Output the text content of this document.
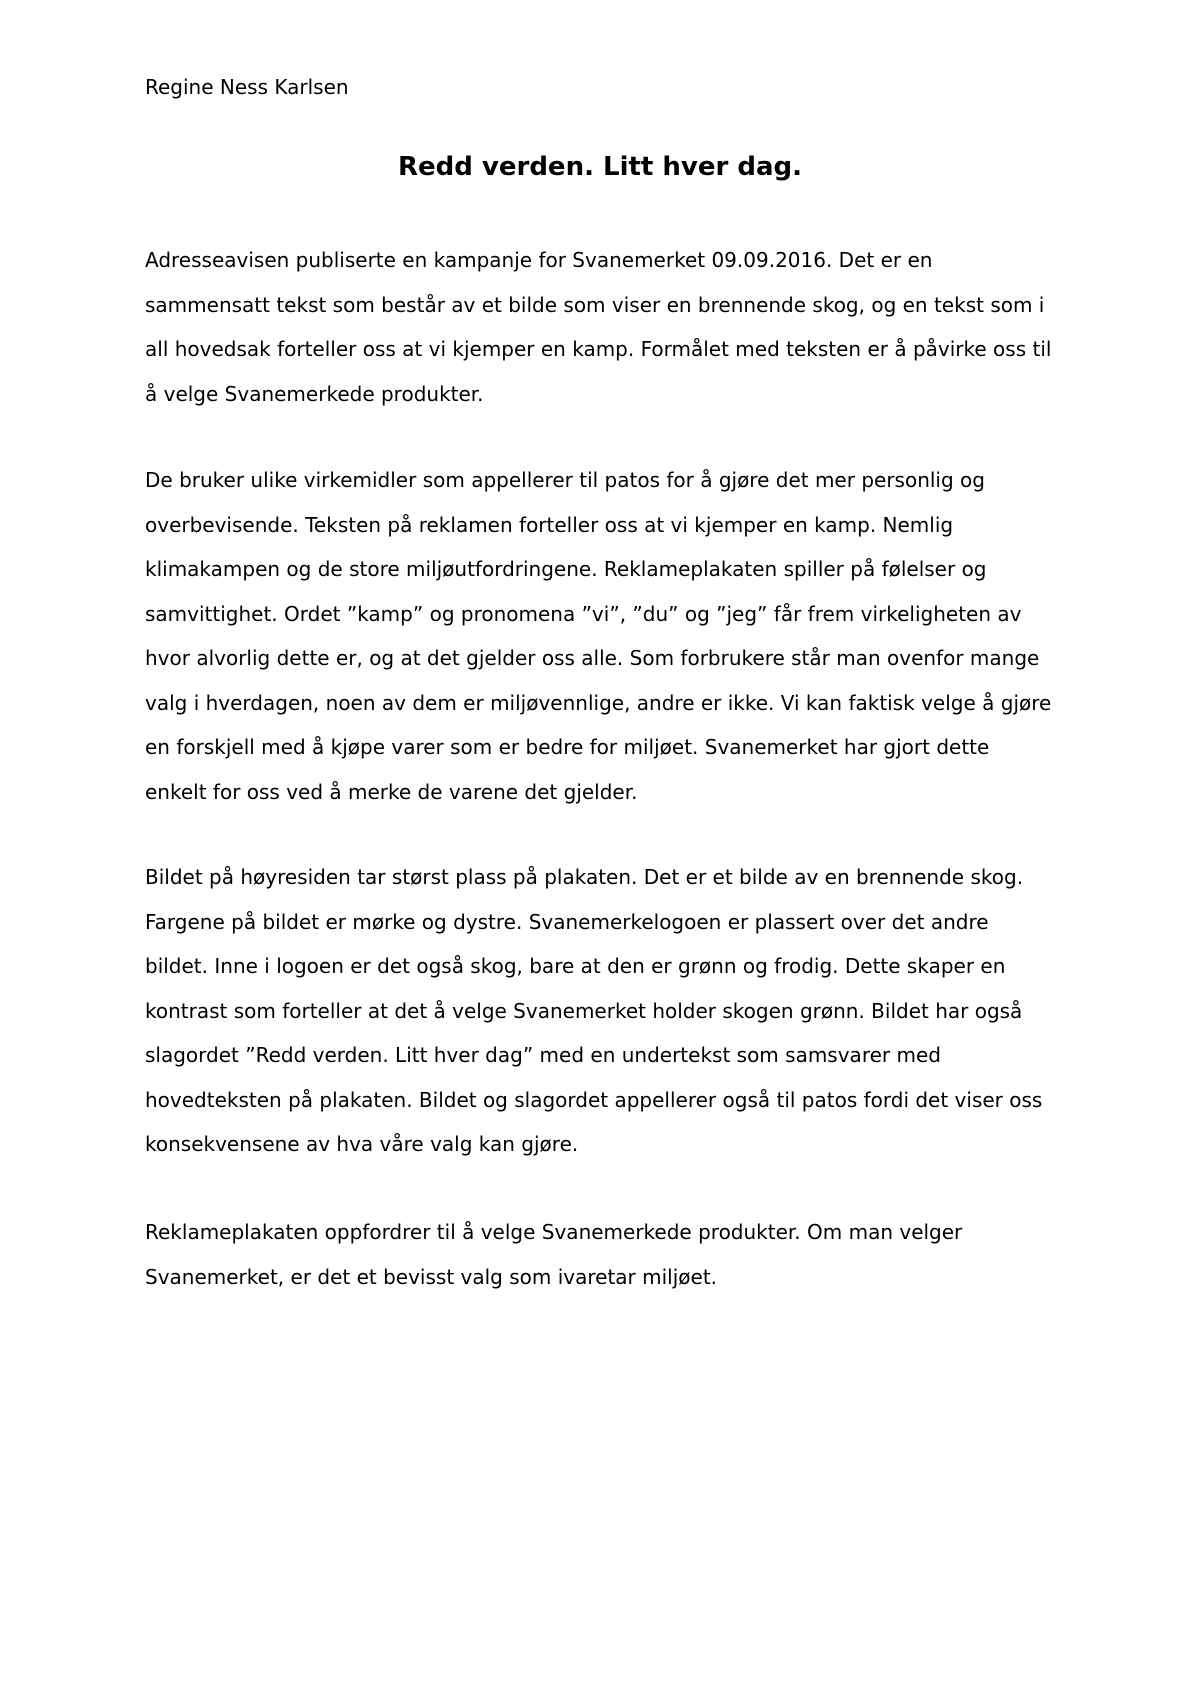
Regine Ness Karlsen
Redd verden. Litt hver dag.
Adresseavisen publiserte en kampanje for Svanemerket 09.09.2016. Det er en
sammensatt tekst som består av et bilde som viser en brennende skog, og en tekst som i
all hovedsak forteller oss at vi kjemper en kamp. Formålet med teksten er å påvirke oss til
å velge Svanemerkede produkter.
De bruker ulike virkemidler som appellerer til patos for å gjøre det mer personlig og
overbevisende. Teksten på reklamen forteller oss at vi kjemper en kamp. Nemlig
klimakampen og de store miljøutfordringene. Reklameplakaten spiller på følelser og
samvittighet. Ordet ”kamp” og pronomena ”vi”, ”du” og ”jeg” får frem virkeligheten av
hvor alvorlig dette er, og at det gjelder oss alle. Som forbrukere står man ovenfor mange
valg i hverdagen, noen av dem er miljøvennlige, andre er ikke. Vi kan faktisk velge å gjøre
en forskjell med å kjøpe varer som er bedre for miljøet. Svanemerket har gjort dette
enkelt for oss ved å merke de varene det gjelder.
Bildet på høyresiden tar størst plass på plakaten. Det er et bilde av en brennende skog.
Fargene på bildet er mørke og dystre. Svanemerkelogoen er plassert over det andre
bildet. Inne i logoen er det også skog, bare at den er grønn og frodig. Dette skaper en
kontrast som forteller at det å velge Svanemerket holder skogen grønn. Bildet har også
slagordet ”Redd verden. Litt hver dag” med en undertekst som samsvarer med
hovedteksten på plakaten. Bildet og slagordet appellerer også til patos fordi det viser oss
konsekvensene av hva våre valg kan gjøre.
Reklameplakaten oppfordrer til å velge Svanemerkede produkter. Om man velger
Svanemerket, er det et bevisst valg som ivaretar miljøet.
